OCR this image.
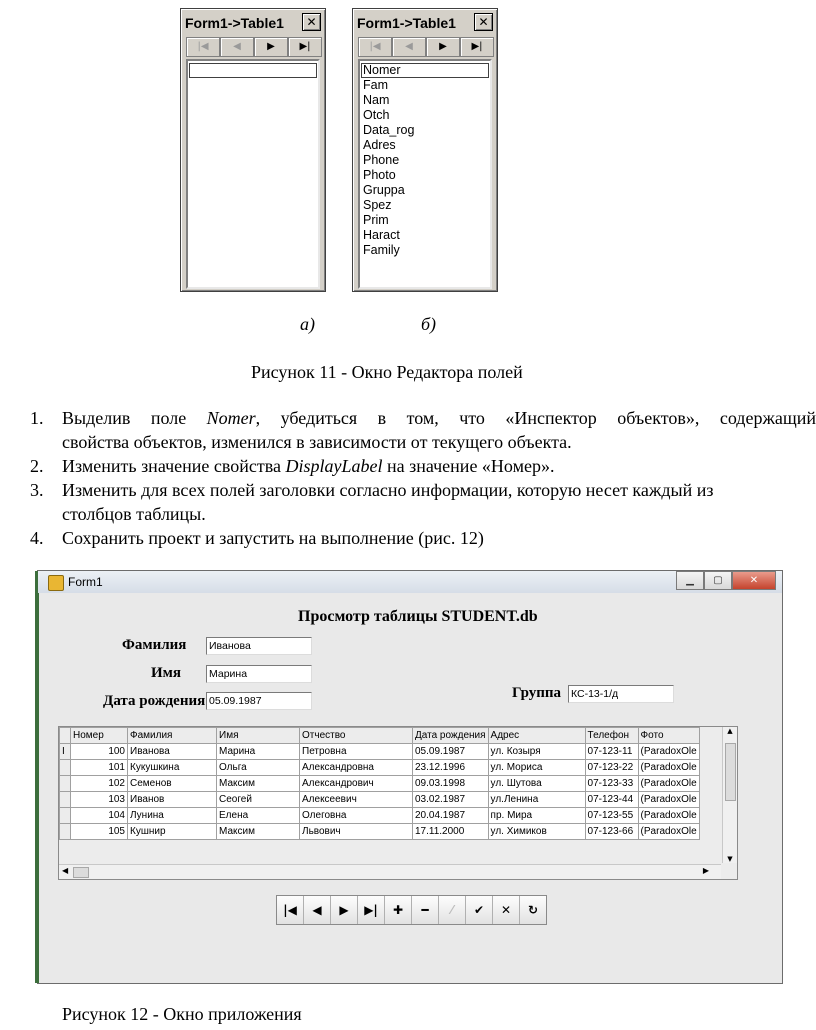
Form1->Table1	✕
|◀	◀	▶	▶|
Form1->Table1	✕
|◀	◀	▶	▶|
Nomer
Fam
Nam
Otch
Data_rog
Adres
Phone
Photo
Gruppa
Spez
Prim
Haract
Family
а)	б)
Рисунок 11 - Окно Редактора полей
1. Выделив поле Nomer, убедиться в том, что «Инспектор объектов», содержащий
свойства объектов, изменился в зависимости от текущего объекта.
2. Изменить значение свойства DisplayLabel на значение «Номер».
3. Изменить для всех полей заголовки согласно информации, которую несет каждый из
столбцов таблицы.
4. Сохранить проект и запустить на выполнение (рис. 12)
Form1	▁	▢	✕
Просмотр таблицы STUDENT.db
Фамилия Иванова
Имя	Марина
Дата рождения 05.09.1987	Группа КС-13-1/д
	Номер	Фамилия	Имя	Отчество	Дата рождения	Адрес	Телефон	Фото
I	100	Иванова	Марина	Петровна	05.09.1987	ул. Козыря	07-123-11	(ParadoxOle
	101	Кукушкина	Ольга	Александровна	23.12.1996	ул. Мориса	07-123-22	(ParadoxOle
	102	Семенов	Максим	Александрович	09.03.1998	ул. Шутова	07-123-33	(ParadoxOle
	103	Иванов	Сеогей	Алексеевич	03.02.1987	ул.Ленина	07-123-44	(ParadoxOle
	104	Лунина	Елена	Олеговна	20.04.1987	пр. Мира	07-123-55	(ParadoxOle
	105	Кушнир	Максим	Львович	17.11.2000	ул. Химиков	07-123-66	(ParadoxOle
▲
▼
◀	▶
|◀	◀	▶	▶|	✚	━	⁄	✔	✕	↻
Рисунок 12 - Окно приложения
